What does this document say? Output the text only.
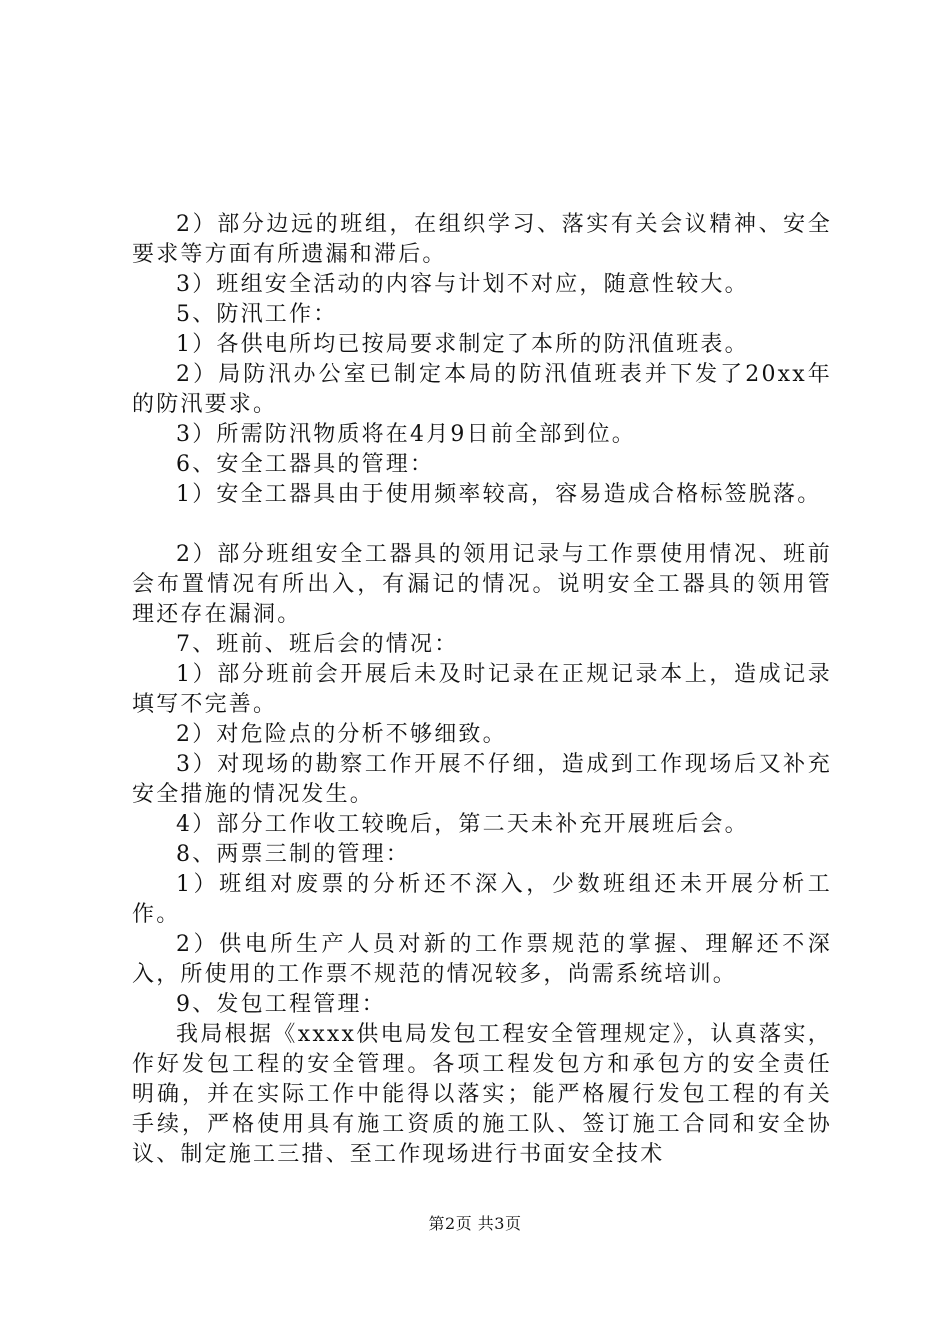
2）部分边远的班组，在组织学习、落实有关会议精神、安全要求等方面有所遗漏和滞后。

3）班组安全活动的内容与计划不对应，随意性较大。

5、防汛工作：

1）各供电所均已按局要求制定了本所的防汛值班表。

2）局防汛办公室已制定本局的防汛值班表并下发了20xx年的防汛要求。

3）所需防汛物质将在4月9日前全部到位。

6、安全工器具的管理：

1）安全工器具由于使用频率较高，容易造成合格标签脱落。

2）部分班组安全工器具的领用记录与工作票使用情况、班前会布置情况有所出入，有漏记的情况。说明安全工器具的领用管理还存在漏洞。

7、班前、班后会的情况：

1）部分班前会开展后未及时记录在正规记录本上，造成记录填写不完善。

2）对危险点的分析不够细致。

3）对现场的勘察工作开展不仔细，造成到工作现场后又补充安全措施的情况发生。

4）部分工作收工较晚后，第二天未补充开展班后会。

8、两票三制的管理：

1）班组对废票的分析还不深入，少数班组还未开展分析工作。

2）供电所生产人员对新的工作票规范的掌握、理解还不深入，所使用的工作票不规范的情况较多，尚需系统培训。

9、发包工程管理：

我局根据《xxxx供电局发包工程安全管理规定》，认真落实，作好发包工程的安全管理。各项工程发包方和承包方的安全责任明确，并在实际工作中能得以落实；能严格履行发包工程的有关手续，严格使用具有施工资质的施工队、签订施工合同和安全协议、制定施工三措、至工作现场进行书面安全技术

第2页 共3页
